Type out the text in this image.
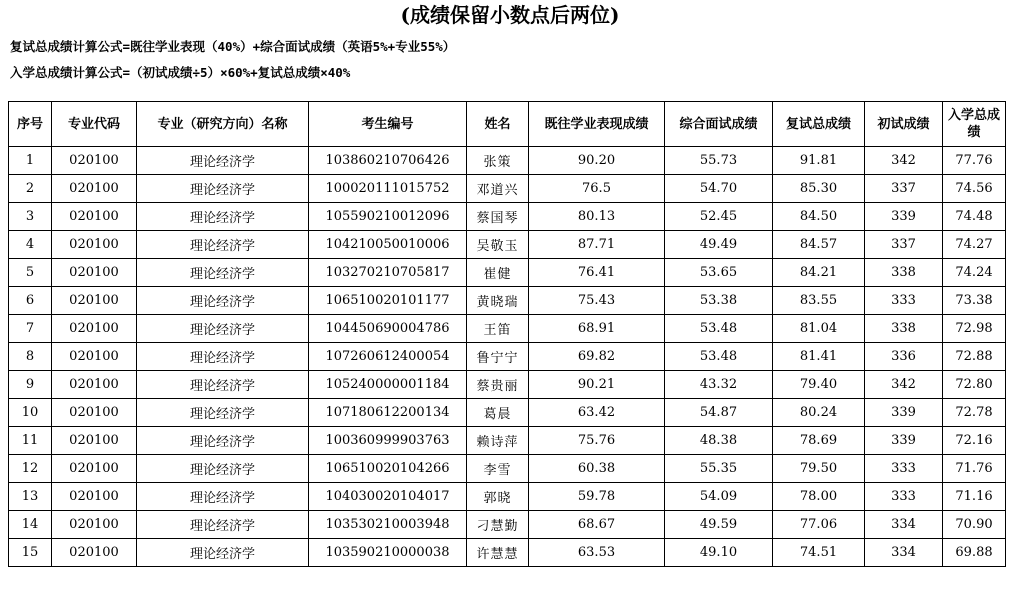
(成绩保留小数点后两位)
复试总成绩计算公式=既往学业表现（40%）+综合面试成绩（英语5%+专业55%）
入学总成绩计算公式=（初试成绩÷5）×60%+复试总成绩×40%
序号	专业代码	专业（研究方向）名称	考生编号	姓名	既往学业表现成绩	综合面试成绩	复试总成绩	初试成绩	入学总成绩
1	020100	理论经济学	103860210706426	张策	90.20	55.73	91.81	342	77.76
2	020100	理论经济学	100020111015752	邓道兴	76.5	54.70	85.30	337	74.56
3	020100	理论经济学	105590210012096	蔡国琴	80.13	52.45	84.50	339	74.48
4	020100	理论经济学	104210050010006	吴敬玉	87.71	49.49	84.57	337	74.27
5	020100	理论经济学	103270210705817	崔健	76.41	53.65	84.21	338	74.24
6	020100	理论经济学	106510020101177	黄晓瑞	75.43	53.38	83.55	333	73.38
7	020100	理论经济学	104450690004786	王笛	68.91	53.48	81.04	338	72.98
8	020100	理论经济学	107260612400054	鲁宁宁	69.82	53.48	81.41	336	72.88
9	020100	理论经济学	105240000001184	蔡贵丽	90.21	43.32	79.40	342	72.80
10	020100	理论经济学	107180612200134	葛晨	63.42	54.87	80.24	339	72.78
11	020100	理论经济学	100360999903763	赖诗萍	75.76	48.38	78.69	339	72.16
12	020100	理论经济学	106510020104266	李雪	60.38	55.35	79.50	333	71.76
13	020100	理论经济学	104030020104017	郭晓	59.78	54.09	78.00	333	71.16
14	020100	理论经济学	103530210003948	刁慧勤	68.67	49.59	77.06	334	70.90
15	020100	理论经济学	103590210000038	许慧慧	63.53	49.10	74.51	334	69.88
